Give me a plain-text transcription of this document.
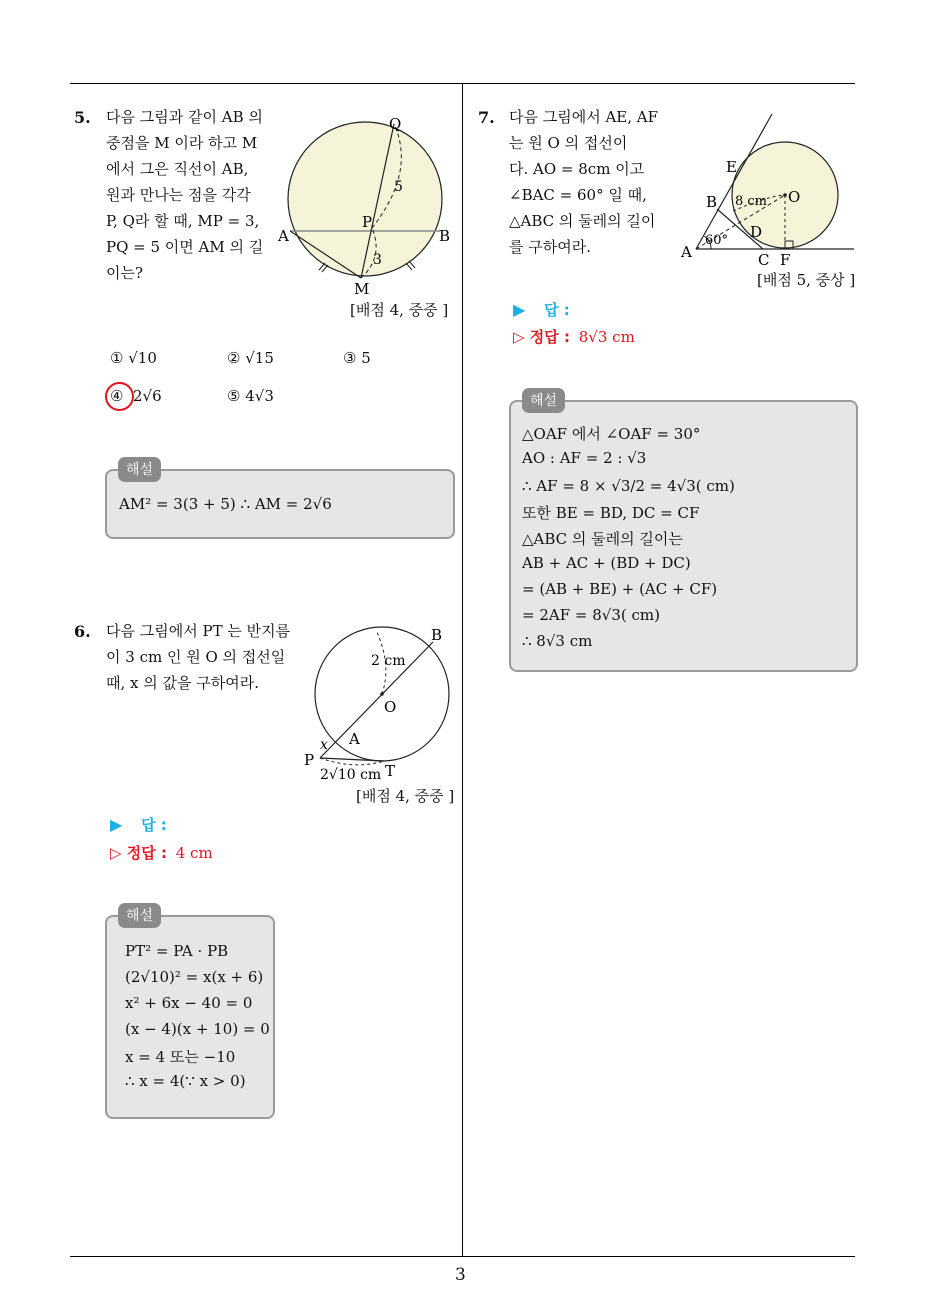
3
5. 다음 그림과 같이 AB 의
중점을 M 이라 하고 M
에서 그은 직선이 AB,
원과 만나는 점을 각각
P, Q라 할 때, MP = 3,
PQ = 5 이면 AM 의 길
이는?
Q
P
A	B
M
5
3
[배점 4, 중중 ]
① √10	② √15	③ 5
④ 2√6	⑤ 4√3
해설
AM² = 3(3 + 5) ∴ AM = 2√6
6. 다음 그림에서 PT 는 반지름
이 3 cm 인 원 O 의 접선일
때, x 의 값을 구하여라.
B
O
A
P
T
x
2 cm
2√10 cm
[배점 4, 중중 ]
▶ 답 :
▷ 정답 : 4 cm
해설
PT² = PA · PB
(2√10)² = x(x + 6)
x² + 6x − 40 = 0
(x − 4)(x + 10) = 0
x = 4 또는 −10
∴ x = 4(∵ x > 0)
7. 다음 그림에서 AE, AF
는 원 O 의 접선이
다. AO = 8cm 이고
∠BAC = 60° 일 때,
△ABC 의 둘레의 길이
를 구하여라.
E
B	O
D
A	C F
8 cm
60°
[배점 5, 중상 ]
▶ 답 :
▷ 정답 : 8√3 cm
해설
△OAF 에서 ∠OAF = 30°
AO : AF = 2 : √3
∴ AF = 8 × √3/2 = 4√3( cm)
또한 BE = BD, DC = CF
△ABC 의 둘레의 길이는
AB + AC + (BD + DC)
= (AB + BE) + (AC + CF)
= 2AF = 8√3( cm)
∴ 8√3 cm
